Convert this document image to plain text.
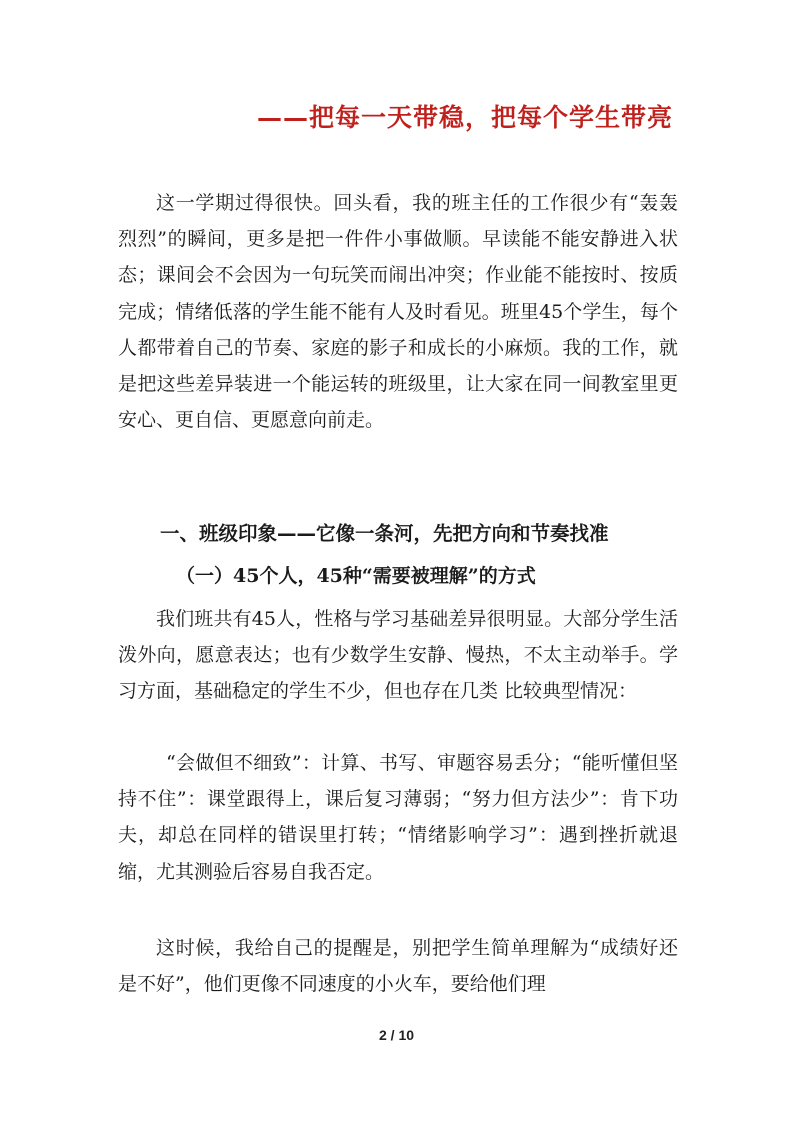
——把每一天带稳，把每个学生带亮

这一学期过得很快。回头看，我的班主任的工作很少有“轰轰烈烈”的瞬间，更多是把一件件小事做顺。早读能不能安静进入状态；课间会不会因为一句玩笑而闹出冲突；作业能不能按时、按质完成；情绪低落的学生能不能有人及时看见。班里45个学生，每个人都带着自己的节奏、家庭的影子和成长的小麻烦。我的工作，就是把这些差异装进一个能运转的班级里，让大家在同一间教室里更安心、更自信、更愿意向前走。

一、班级印象——它像一条河，先把方向和节奏找准
（一）45个人，45种“需要被理解”的方式

我们班共有45人，性格与学习基础差异很明显。大部分学生活泼外向，愿意表达；也有少数学生安静、慢热，不太主动举手。学习方面，基础稳定的学生不少，但也存在几类 比较典型情况：

“会做但不细致”：计算、书写、审题容易丢分；“能听懂但坚持不住”：课堂跟得上，课后复习薄弱；“努力但方法少”：肯下功夫，却总在同样的错误里打转；“情绪影响学习”：遇到挫折就退缩，尤其测验后容易自我否定。

这时候，我给自己的提醒是，别把学生简单理解为“成绩好还是不好”，他们更像不同速度的小火车，要给他们理

2 / 10
